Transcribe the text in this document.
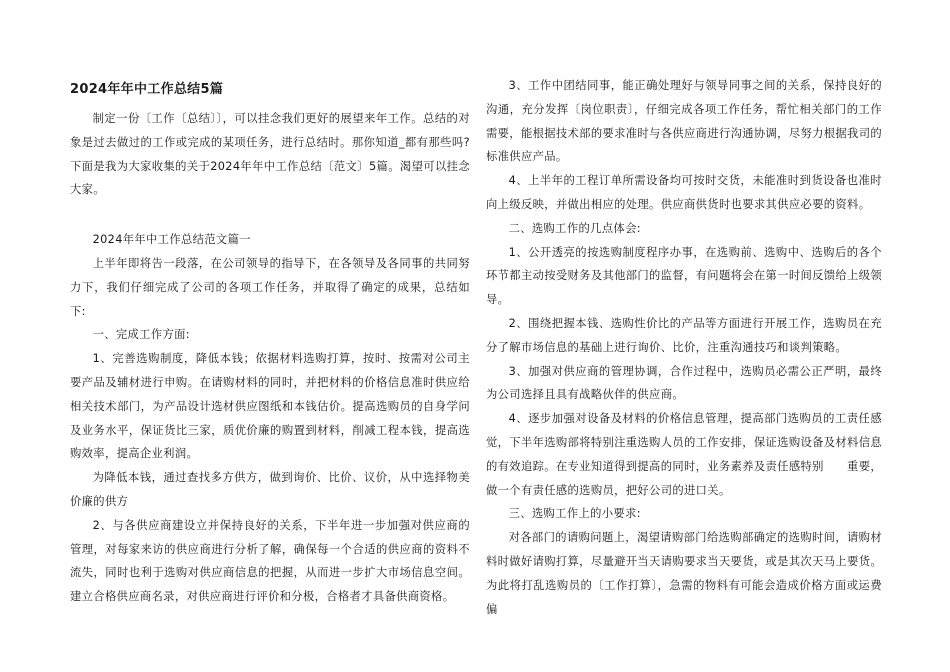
2024年年中工作总结5篇

制定一份〔工作〔总结〕〕，可以挂念我们更好的展望来年工作。总结的对象是过去做过的工作或完成的某项任务，进行总结时。那你知道_都有那些吗?下面是我为大家收集的关于2024年年中工作总结〔范文〕5篇。渴望可以挂念大家。

2024年年中工作总结范文篇一

上半年即将告一段落，在公司领导的指导下，在各领导及各同事的共同努力下，我们仔细完成了公司的各项工作任务，并取得了确定的成果，总结如下:

一、完成工作方面:

1、完善选购制度，降低本钱；依据材料选购打算，按时、按需对公司主要产品及辅材进行申购。在请购材料的同时，并把材料的价格信息准时供应给相关技术部门，为产品设计选材供应图纸和本钱估价。提高选购员的自身学问及业务水平，保证货比三家，质优价廉的购置到材料，削减工程本钱，提高选购效率，提高企业利润。

为降低本钱，通过查找多方供方，做到询价、比价、议价，从中选择物美价廉的供方

2、与各供应商建设立并保持良好的关系，下半年进一步加强对供应商的管理，对每家来访的供应商进行分析了解，确保每一个合适的供应商的资料不流失，同时也利于选购对供应商信息的把握，从而进一步扩大市场信息空间。建立合格供应商名录，对供应商进行评价和分极，合格者才具备供商资格。

3、工作中团结同事，能正确处理好与领导同事之间的关系，保持良好的沟通，充分发挥〔岗位职责〕，仔细完成各项工作任务，帮忙相关部门的工作需要，能根据技术部的要求准时与各供应商进行沟通协调，尽努力根据我司的标准供应产品。

4、上半年的工程订单所需设备均可按时交货，未能准时到货设备也准时向上级反映，并做出相应的处理。供应商供货时也要求其供应必要的资料。

二、选购工作的几点体会:

1、公开透亮的按选购制度程序办事，在选购前、选购中、选购后的各个环节都主动按受财务及其他部门的监督，有问题将会在第一时间反馈给上级领导。

2、围绕把握本钱、选购性价比的产品等方面进行开展工作，选购员在充分了解市场信息的基础上进行询价、比价，注重沟通技巧和谈判策略。

3、加强对供应商的管理协调，合作过程中，选购员必需公正严明，最终为公司选择且具有战略伙伴的供应商。

4、逐步加强对设备及材料的价格信息管理，提高部门选购员的工责任感觉，下半年选购部将特别注重选购人员的工作安排，保证选购设备及材料信息的有效追踪。在专业知道得到提高的同时，业务素养及责任感特别　　重要，做一个有责任感的选购员，把好公司的进口关。

三、选购工作上的小要求:

对各部门的请购问题上，渴望请购部门给选购部确定的选购时间，请购材料时做好请购打算，尽量避开当天请购要求当天要货，或是其次天马上要货。为此将打乱选购员的〔工作打算〕，急需的物料有可能会造成价格方面或运费偏
